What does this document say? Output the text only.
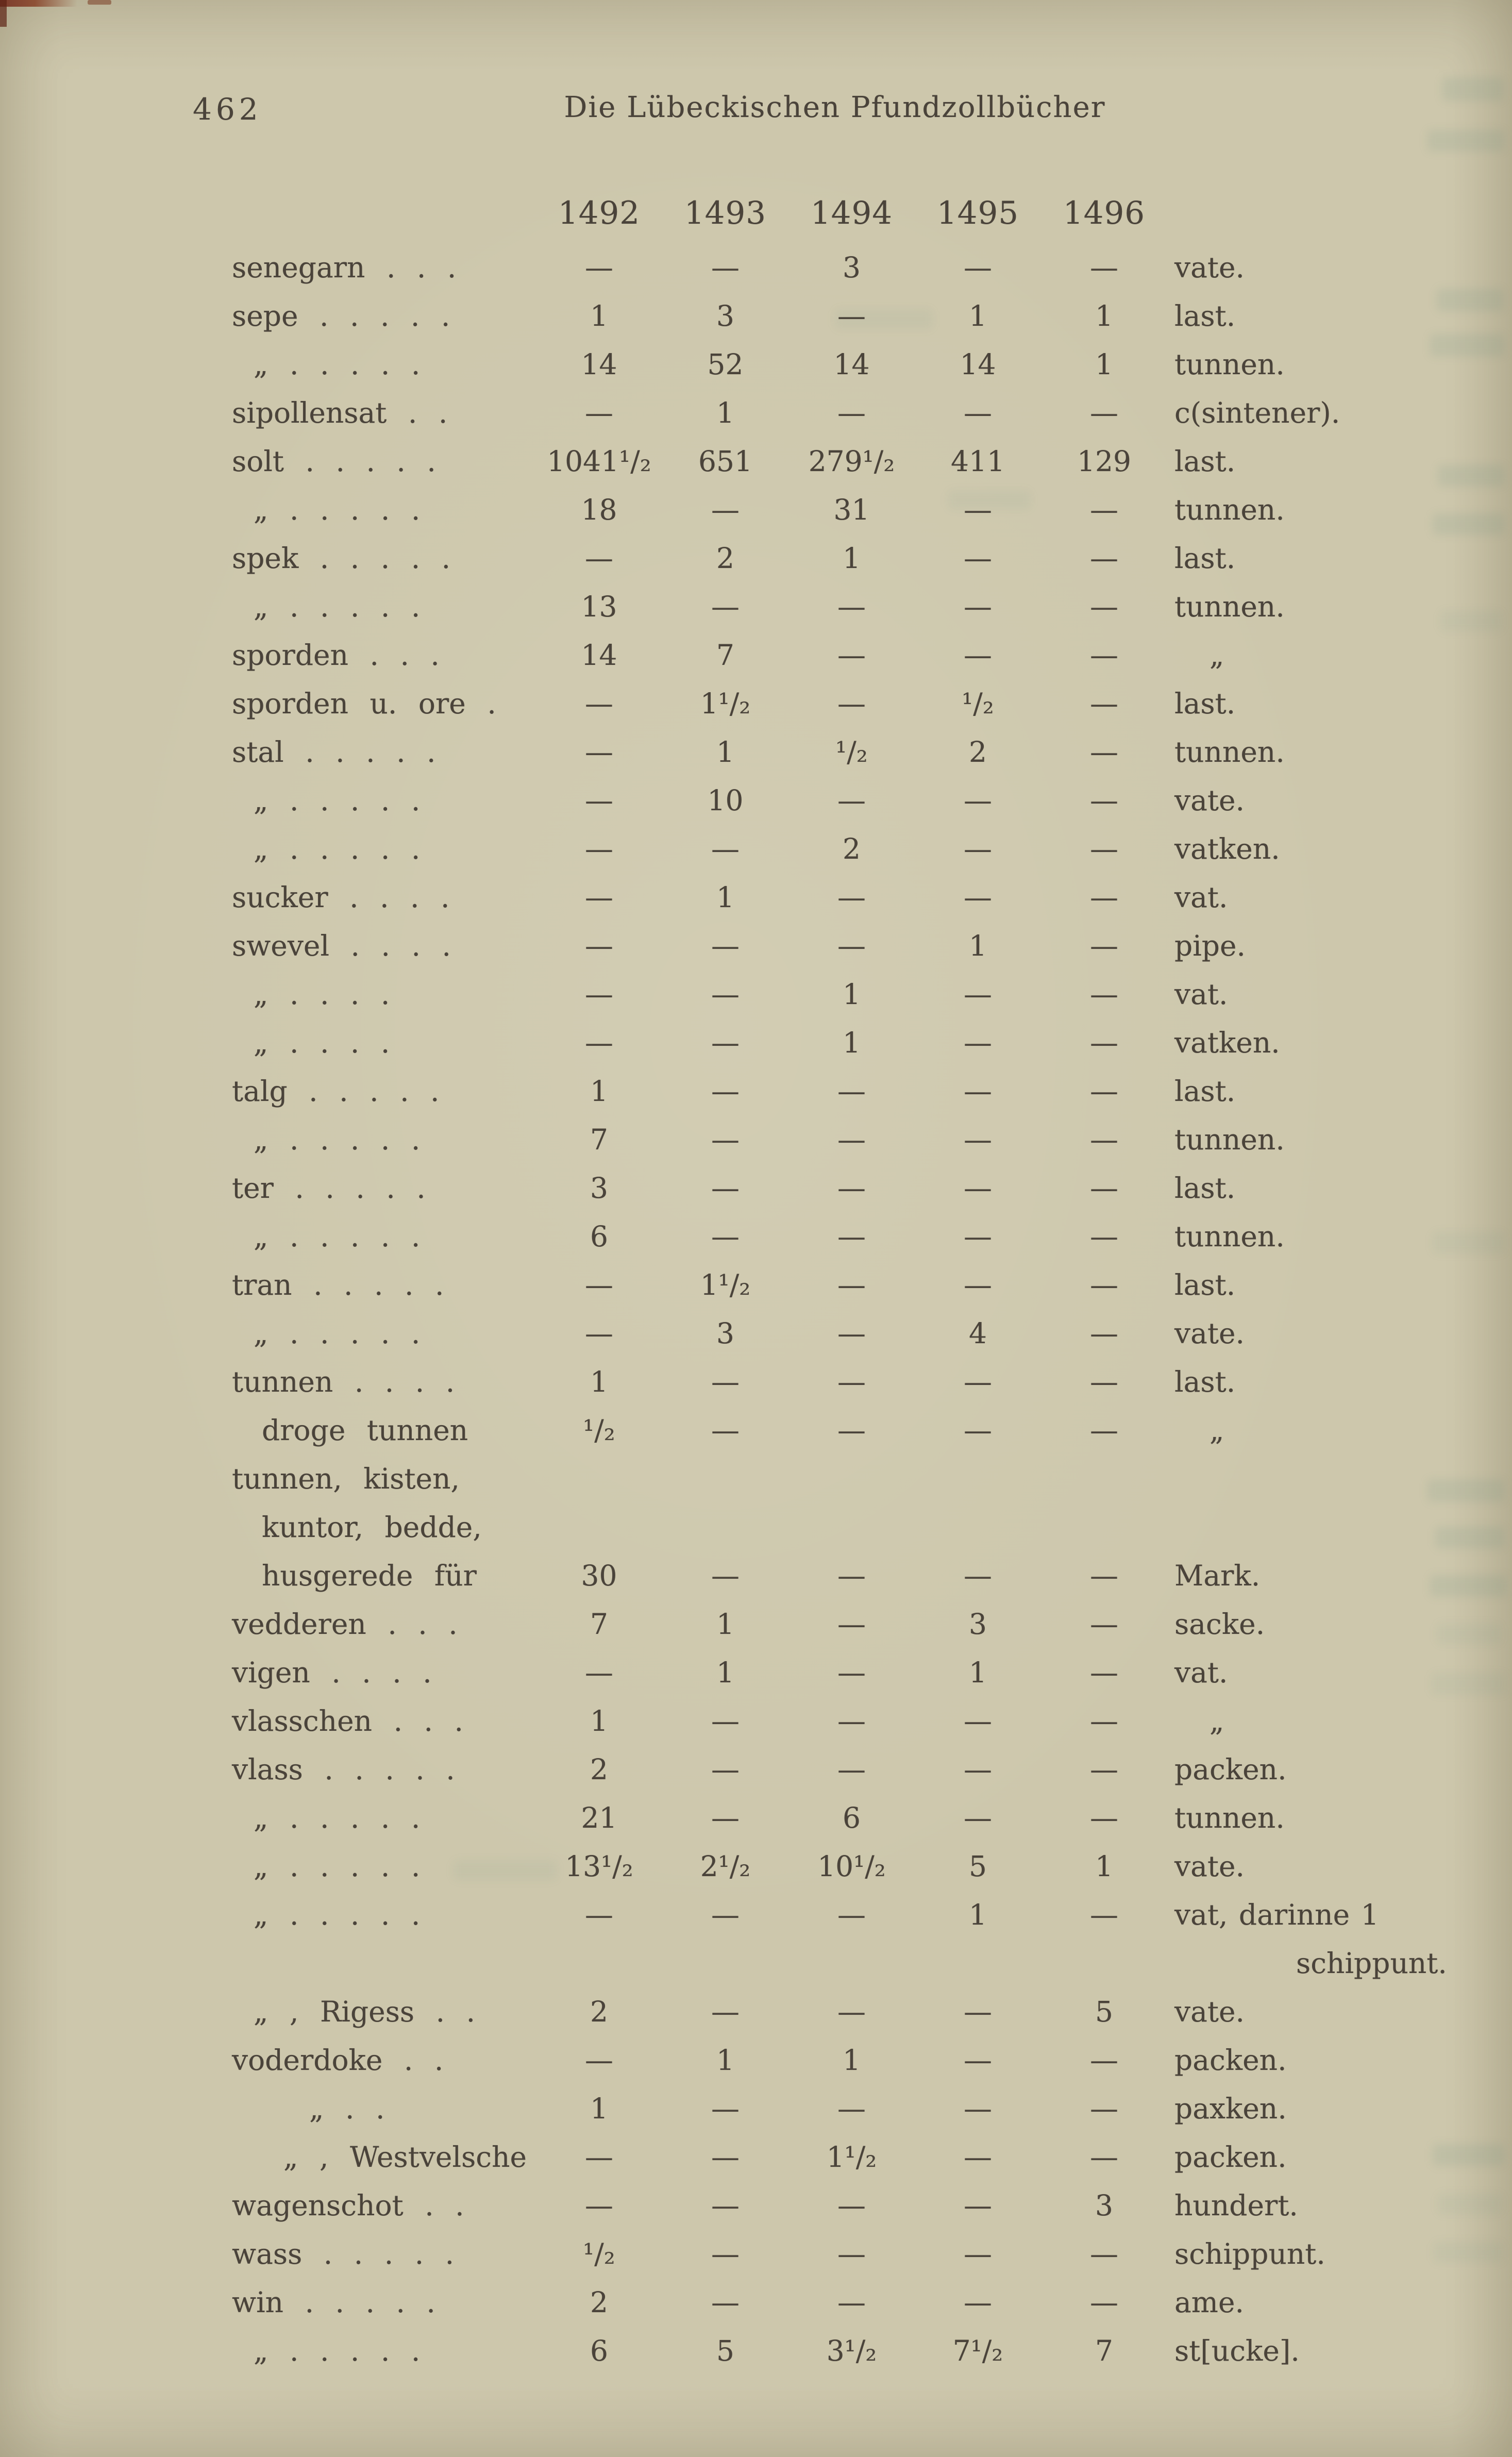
462	Die Lübeckischen Pfundzollbücher
1492	1493	1494	1495	1496
senegarn . . .	—	—	3	—	—	vate.
sepe . . . . .	1	3	—	1	1	last.
„ . . . . .	14	52	14	14	1	tunnen.
sipollensat . .	—	1	—	—	—	c(sintener).
solt . . . . .	1041¹/₂	651	279¹/₂	411	129	last.
„ . . . . .	18	—	31	—	—	tunnen.
spek . . . . .	—	2	1	—	—	last.
„ . . . . .	13	—	—	—	—	tunnen.
sporden . . .	14	7	—	—	—	„
sporden u. ore .	—	1¹/₂	—	¹/₂	—	last.
stal . . . . .	—	1	¹/₂	2	—	tunnen.
„ . . . . .	—	10	—	—	—	vate.
„ . . . . .	—	—	2	—	—	vatken.
sucker . . . .	—	1	—	—	—	vat.
swevel . . . .	—	—	—	1	—	pipe.
„ . . . .	—	—	1	—	—	vat.
„ . . . .	—	—	1	—	—	vatken.
talg . . . . .	1	—	—	—	—	last.
„ . . . . .	7	—	—	—	—	tunnen.
ter . . . . .	3	—	—	—	—	last.
„ . . . . .	6	—	—	—	—	tunnen.
tran . . . . .	—	1¹/₂	—	—	—	last.
„ . . . . .	—	3	—	4	—	vate.
tunnen . . . .	1	—	—	—	—	last.
droge tunnen	¹/₂	—	—	—	—	„
tunnen, kisten,
kuntor, bedde,
husgerede für	30	—	—	—	—	Mark.
vedderen . . .	7	1	—	3	—	sacke.
vigen . . . .	—	1	—	1	—	vat.
vlasschen . . .	1	—	—	—	—	„
vlass . . . . .	2	—	—	—	—	packen.
„ . . . . .	21	—	6	—	—	tunnen.
„ . . . . .	13¹/₂	2¹/₂	10¹/₂	5	1	vate.
„ . . . . .	—	—	—	1	—	vat, darinne 1
schippunt.
„ , Rigess . .	2	—	—	—	5	vate.
voderdoke . .	—	1	1	—	—	packen.
„ . .	1	—	—	—	—	paxken.
„ , Westvelsche	—	—	1¹/₂	—	—	packen.
wagenschot . .	—	—	—	—	3	hundert.
wass . . . . .	¹/₂	—	—	—	—	schippunt.
win . . . . .	2	—	—	—	—	ame.
„ . . . . .	6	5	3¹/₂	7¹/₂	7	st[ucke].
